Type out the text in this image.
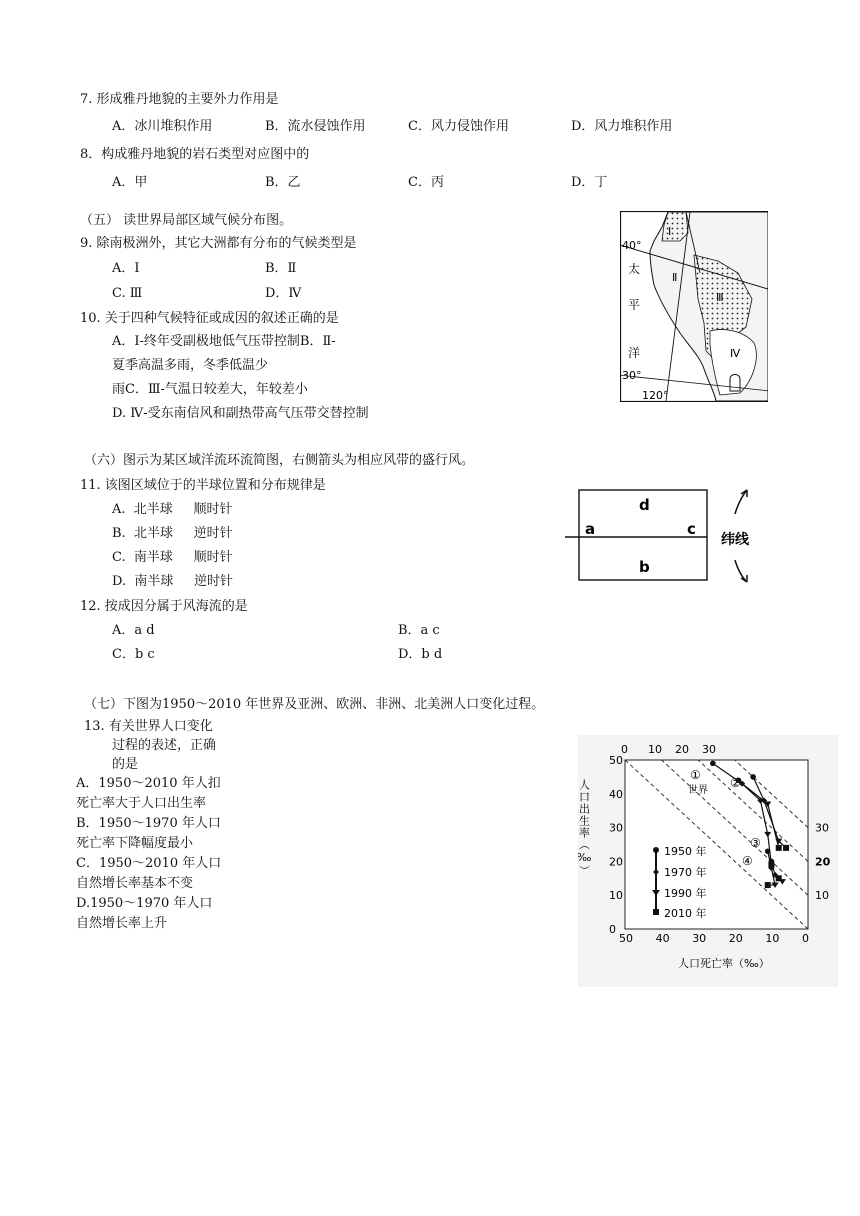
7. 形成雅丹地貌的主要外力作用是
A．冰川堆积作用	B．流水侵蚀作用	C．风力侵蚀作用	D．风力堆积作用
8．构成雅丹地貌的岩石类型对应图中的
A．甲	B．乙	C．丙	D．丁
（五） 读世界局部区域气候分布图。
9. 除南极洲外，其它大洲都有分布的气候类型是
A．Ⅰ	B．Ⅱ
C. Ⅲ	D．Ⅳ
10. 关于四种气候特征或成因的叙述正确的是
A．Ⅰ-终年受副极地低气压带控制B．Ⅱ-
夏季高温多雨，冬季低温少
雨C．Ⅲ-气温日较差大，年较差小
D. Ⅳ-受东南信风和副热带高气压带交替控制
40°
30°
120°
太
平
洋
Ⅰ
Ⅱ
Ⅲ
Ⅳ
（六）图示为某区域洋流环流简图，右侧箭头为相应风带的盛行风。
11. 该图区域位于的半球位置和分布规律是
A. 北半球 顺时针
B. 北半球 逆时针
C. 南半球 顺时针
D. 南半球 逆时针
12. 按成因分属于风海流的是
A．a d	B．a c
C．b c	D．b d
a
b
c
d
纬线
（七）下图为1950～2010 年世界及亚洲、欧洲、非洲、北美洲人口变化过程。
13. 有关世界人口变化
过程的表述，正确
的是
A．1950～2010 年人扣
死亡率大于人口出生率
B．1950～1970 年人口
死亡率下降幅度最小
C．1950～2010 年人口
自然增长率基本不变
D.1950～1970 年人口
自然增长率上升
0 10 20 30
30
20
10
50 40 30 20 10 0
0
10
20
30
40
50
人口出生率（‰）
人口死亡率（‰）
①
世界
②
③
④
1950 年
1970 年
1990 年
2010 年
